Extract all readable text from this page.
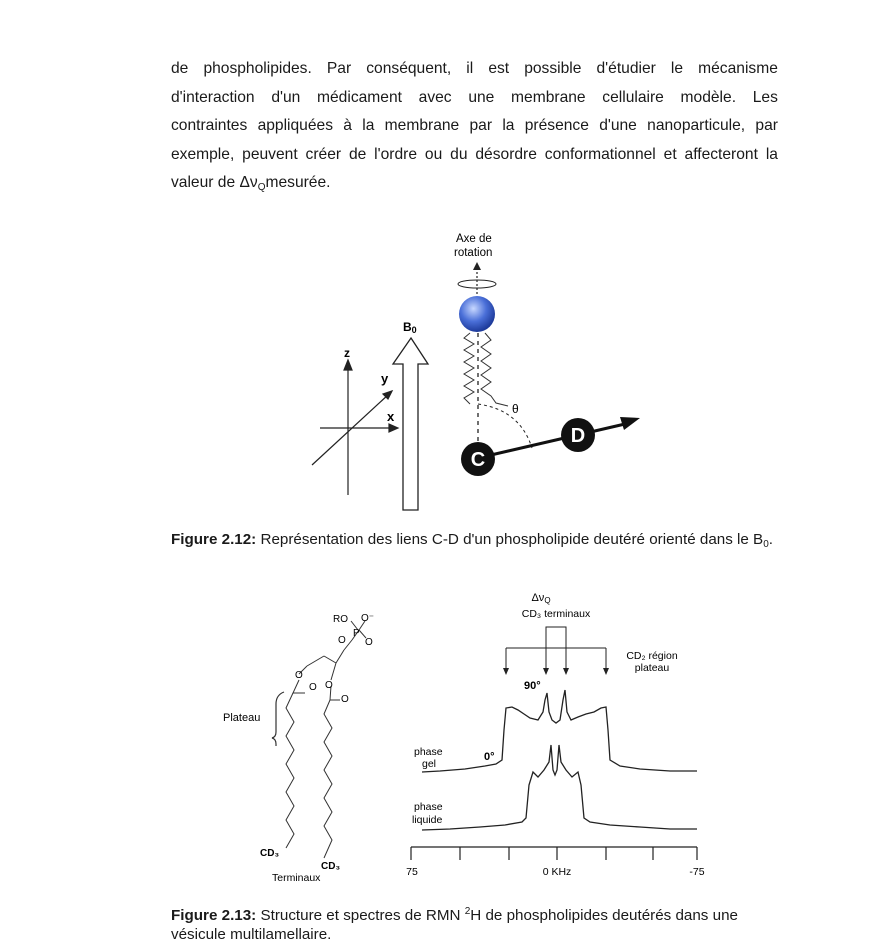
de phospholipides. Par conséquent, il est possible d'étudier le mécanisme
d'interaction d'un médicament avec une membrane cellulaire modèle. Les
contraintes appliquées à la membrane par la présence d'une nanoparticule, par
exemple, peuvent créer de l'ordre ou du désordre conformationnel et affecteront la
valeur de ΔνQmesurée.
z
y
x
B0
Axe de
rotation
θ
C
D
Figure 2.12: Représentation des liens C-D d'un phospholipide deutéré orienté dans le $B_0$.
RO O⁻
P
O
O
O
O O
O
Plateau
CD₃
CD₃
Terminaux
ΔνQ
CD₃ terminaux
CD₂ région
plateau
90°
0°
phase
gel
phase
liquide
75	0 KHz	-75
Figure 2.13: Structure et spectres de RMN $^2$H de phospholipides deutérés dans une vésicule multilamellaire.
